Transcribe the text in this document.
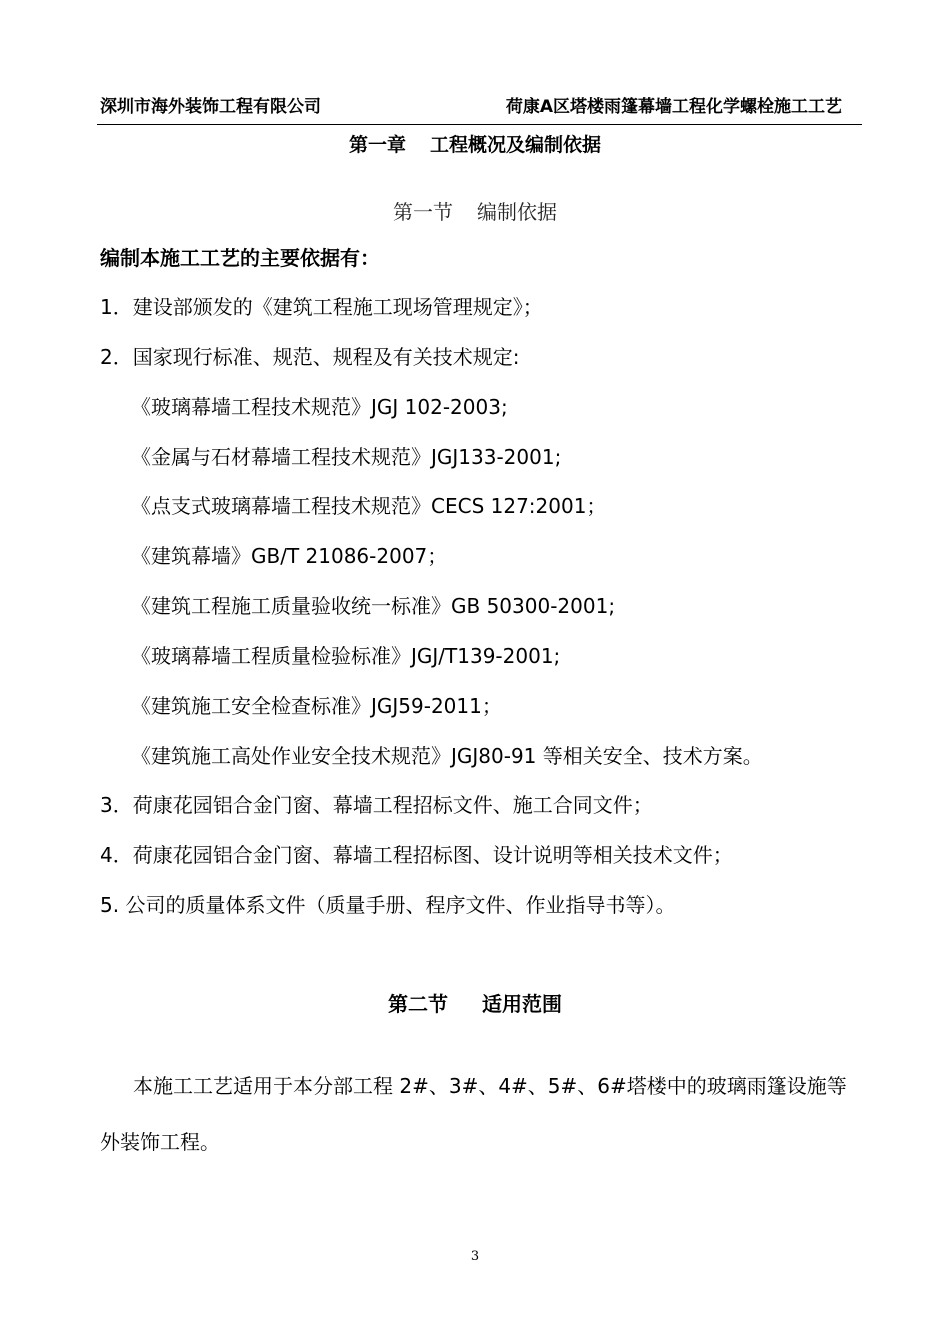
深圳市海外装饰工程有限公司	荷康A区塔楼雨篷幕墙工程化学螺栓施工工艺
第一章 工程概况及编制依据
第一节 编制依据
编制本施工工艺的主要依据有：
1．建设部颁发的《建筑工程施工现场管理规定》；
2．国家现行标准、规范、规程及有关技术规定:
《玻璃幕墙工程技术规范》JGJ 102-2003;
《金属与石材幕墙工程技术规范》JGJ133-2001;
《点支式玻璃幕墙工程技术规范》CECS 127:2001；
《建筑幕墙》GB/T 21086-2007；
《建筑工程施工质量验收统一标准》GB 50300-2001;
《玻璃幕墙工程质量检验标准》JGJ/T139-2001;
《建筑施工安全检查标准》JGJ59-2011；
《建筑施工高处作业安全技术规范》JGJ80-91 等相关安全、技术方案。
3．荷康花园铝合金门窗、幕墙工程招标文件、施工合同文件；
4．荷康花园铝合金门窗、幕墙工程招标图、设计说明等相关技术文件；
5. 公司的质量体系文件（质量手册、程序文件、作业指导书等）。
第二节 适用范围
本施工工艺适用于本分部工程 2#、3#、4#、5#、6#塔楼中的玻璃雨篷设施等外装饰工程。
3
